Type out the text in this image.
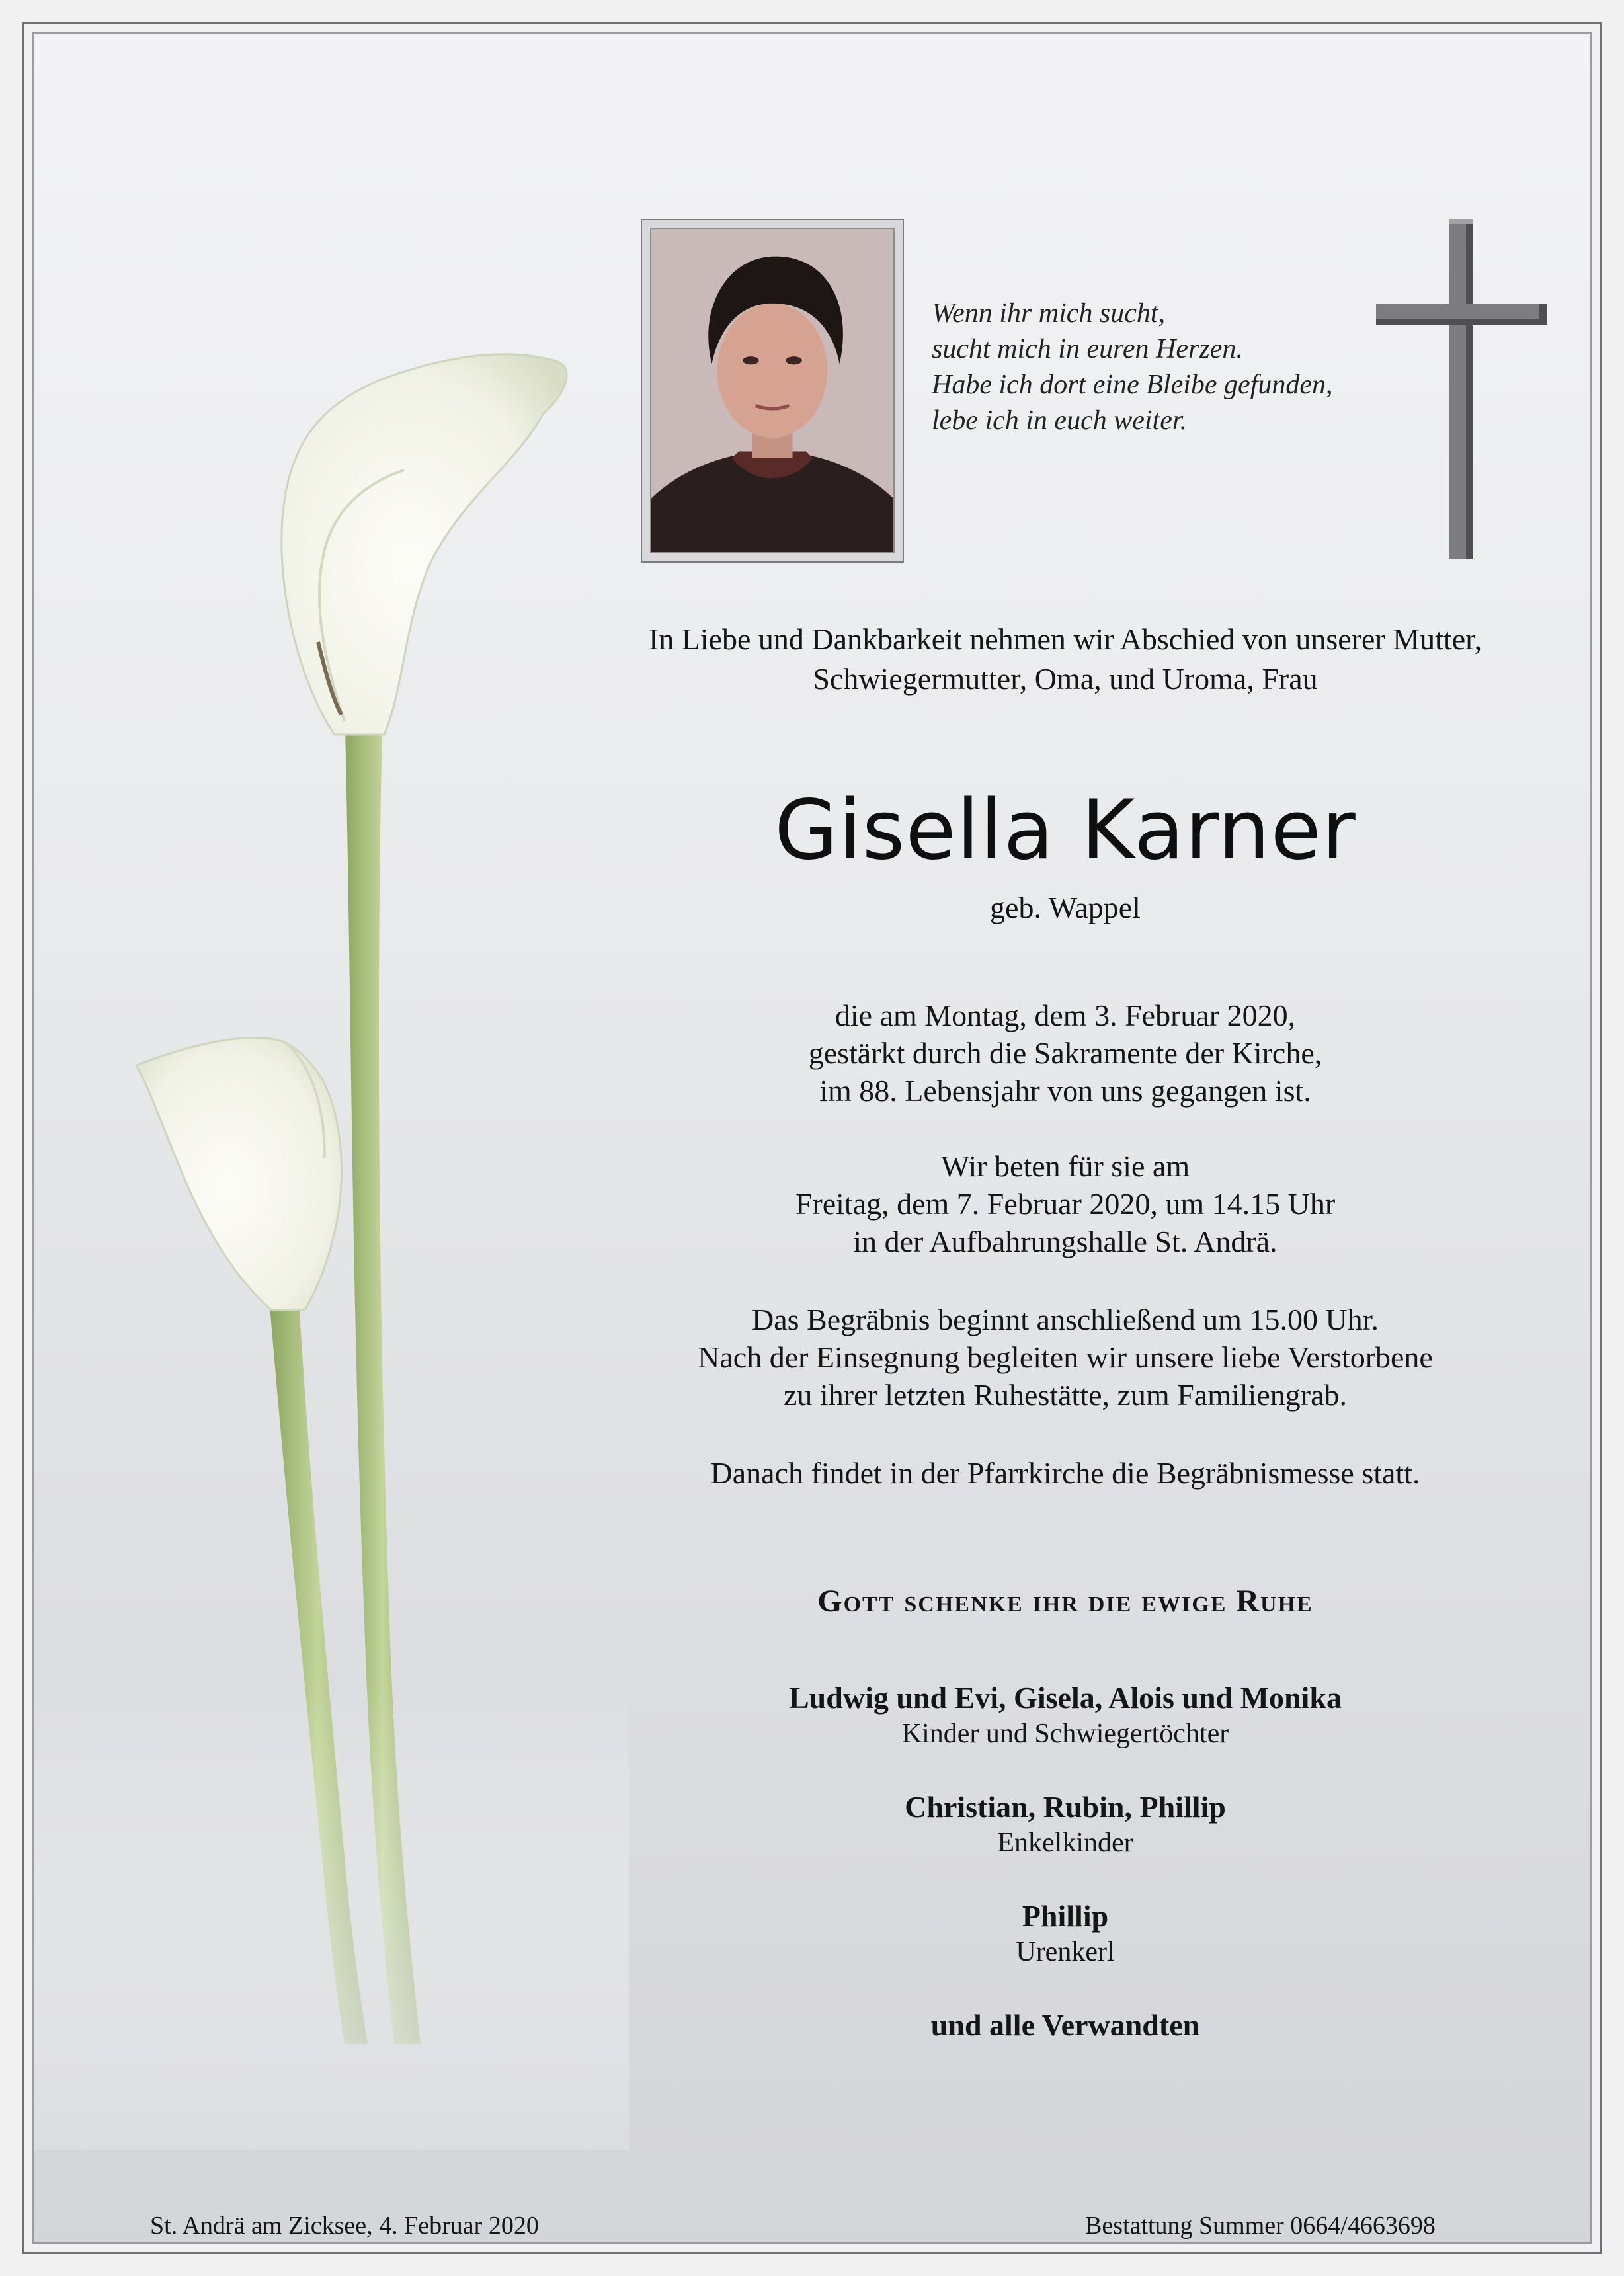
Wenn ihr mich sucht,
sucht mich in euren Herzen.
Habe ich dort eine Bleibe gefunden,
lebe ich in euch weiter.
In Liebe und Dankbarkeit nehmen wir Abschied von unserer Mutter,
Schwiegermutter, Oma, und Uroma, Frau
Gisella Karner
geb. Wappel
die am Montag, dem 3. Februar 2020,
gestärkt durch die Sakramente der Kirche,
im 88. Lebensjahr von uns gegangen ist.
Wir beten für sie am
Freitag, dem 7. Februar 2020, um 14.15 Uhr
in der Aufbahrungshalle St. Andrä.
Das Begräbnis beginnt anschließend um 15.00 Uhr.
Nach der Einsegnung begleiten wir unsere liebe Verstorbene
zu ihrer letzten Ruhestätte, zum Familiengrab.
Danach findet in der Pfarrkirche die Begräbnismesse statt.
Gott schenke ihr die ewige Ruhe
Ludwig und Evi, Gisela, Alois und Monika
Kinder und Schwiegertöchter
Christian, Rubin, Phillip
Enkelkinder
Phillip
Urenkerl
und alle Verwandten
St. Andrä am Zicksee, 4. Februar 2020	Bestattung Summer 0664/4663698
